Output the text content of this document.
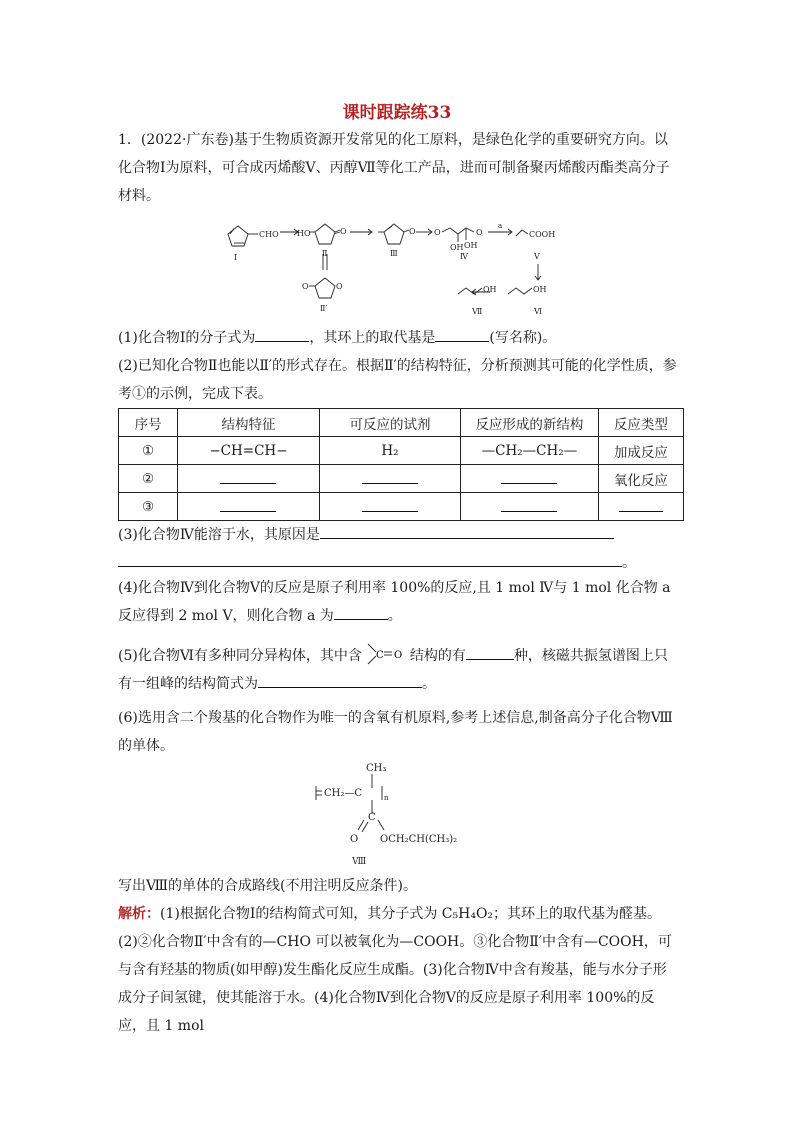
课时跟踪练33

1．(2022·广东卷)基于生物质资源开发常见的化工原料，是绿色化学的重要研究方向。以化合物Ⅰ为原料，可合成丙烯酸Ⅴ、丙醇Ⅶ等化工产品，进而可制备聚丙烯酸丙酯类高分子材料。

CHO
Ⅰ
HO	O
Ⅱ
O
Ⅲ
O	O
OH OH
Ⅳ
a
COOH
Ⅴ
OH
Ⅵ
OH
Ⅶ
O	O
Ⅱ′

(1)化合物Ⅰ的分子式为	，其环上的取代基是	(写名称)。

(2)已知化合物Ⅱ也能以Ⅱ′的形式存在。根据Ⅱ′的结构特征，分析预测其可能的化学性质，参考①的示例，完成下表。

序号	结构特征	可反应的试剂	反应形成的新结构	反应类型
①	−CH=CH−	H₂	—CH₂—CH₂—	加成反应
②				氧化反应
③				

(3)化合物Ⅳ能溶于水，其原因是
。

(4)化合物Ⅳ到化合物Ⅴ的反应是原子利用率 100%的反应,且 1 mol Ⅳ与 1 mol 化合物 a 反应得到 2 mol Ⅴ，则化合物 a 为	。

(5)化合物Ⅵ有多种同分异构体，其中含 C O 结构的有	种，核磁共振氢谱图上只有一组峰的结构简式为	。

(6)选用含二个羧基的化合物作为唯一的含氧有机原料,参考上述信息,制备高分子化合物Ⅷ的单体。

CH₃
CH₂—C	n
C
O OCH₂CH(CH₃)₂
Ⅷ

写出Ⅷ的单体的合成路线(不用注明反应条件)。

解析：(1)根据化合物Ⅰ的结构简式可知，其分子式为 C₅H₄O₂；其环上的取代基为醛基。(2)②化合物Ⅱ′中含有的—CHO 可以被氧化为—COOH。③化合物Ⅱ′中含有—COOH，可与含有羟基的物质(如甲醇)发生酯化反应生成酯。(3)化合物Ⅳ中含有羧基，能与水分子形成分子间氢键，使其能溶于水。(4)化合物Ⅳ到化合物Ⅴ的反应是原子利用率 100%的反应，且 1 mol
